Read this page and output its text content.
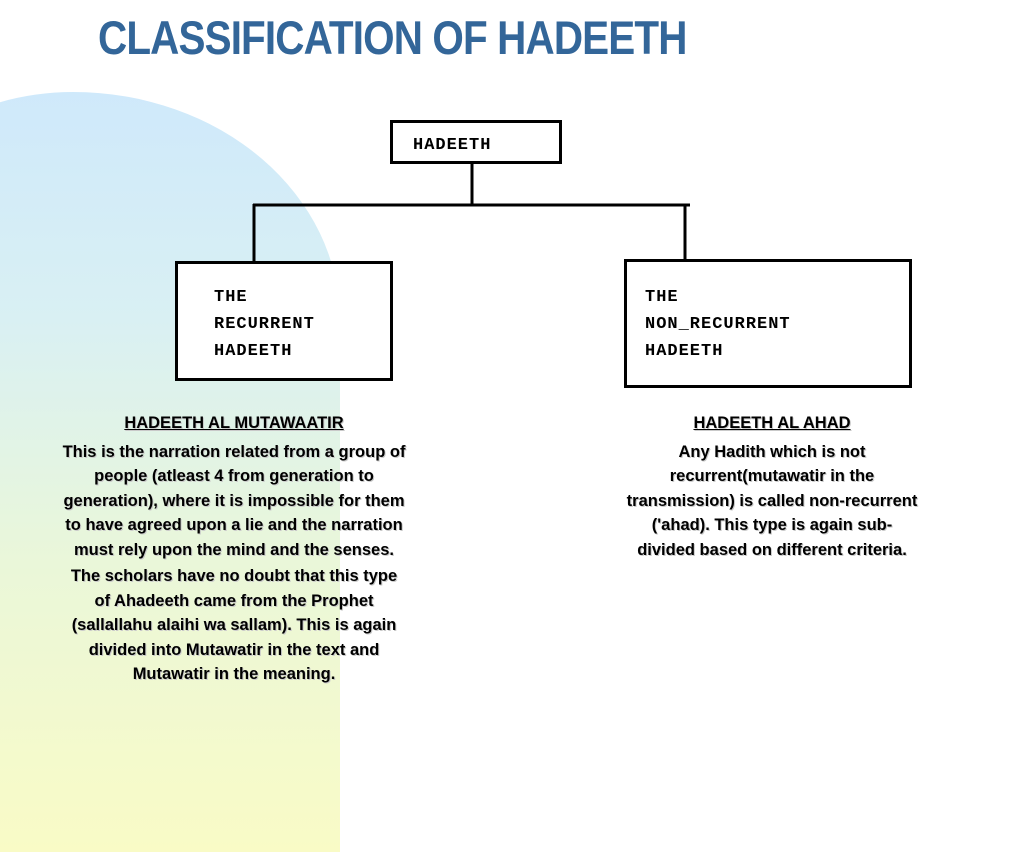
CLASSIFICATION OF HADEETH
HADEETH
THE
RECURRENT
HADEETH
THE
NON_RECURRENT
HADEETH
HADEETH AL MUTAWAATIR

This is the narration related from a group of people (atleast 4 from generation to generation), where it is impossible for them to have agreed upon a lie and the narration must rely upon the mind and the senses.

The scholars have no doubt that this type of Ahadeeth came from the Prophet (sallallahu alaihi wa sallam). This is again divided into Mutawatir in the text and Mutawatir in the meaning.

HADEETH AL AHAD

Any Hadith which is not recurrent(mutawatir in the transmission) is called non-recurrent ('ahad). This type is again sub-divided based on different criteria.
